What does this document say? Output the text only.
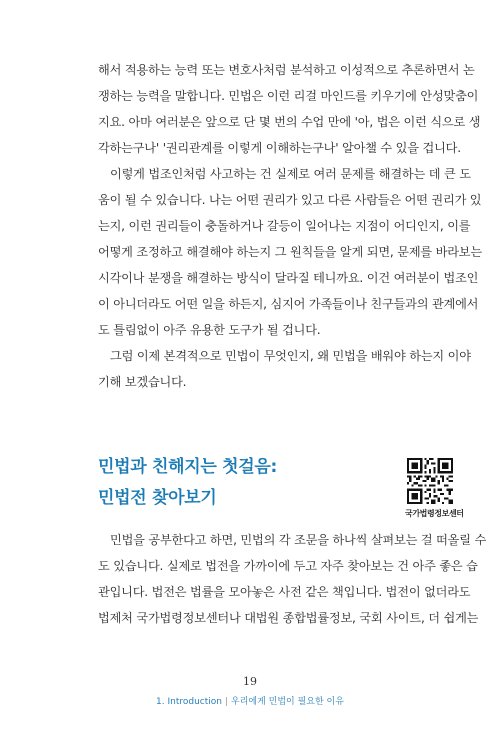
해서 적용하는 능력 또는 변호사처럼 분석하고 이성적으로 추론하면서 논
쟁하는 능력을 말합니다. 민법은 이런 리걸 마인드를 키우기에 안성맞춤이
지요. 아마 여러분은 앞으로 단 몇 번의 수업 만에 '아, 법은 이런 식으로 생
각하는구나' '권리관계를 이렇게 이해하는구나' 알아챌 수 있을 겁니다.
이렇게 법조인처럼 사고하는 건 실제로 여러 문제를 해결하는 데 큰 도
움이 될 수 있습니다. 나는 어떤 권리가 있고 다른 사람들은 어떤 권리가 있
는지, 이런 권리들이 충돌하거나 갈등이 일어나는 지점이 어디인지, 이를
어떻게 조정하고 해결해야 하는지 그 원칙들을 알게 되면, 문제를 바라보는
시각이나 분쟁을 해결하는 방식이 달라질 테니까요. 이건 여러분이 법조인
이 아니더라도 어떤 일을 하든지, 심지어 가족들이나 친구들과의 관계에서
도 틀림없이 아주 유용한 도구가 될 겁니다.
그럼 이제 본격적으로 민법이 무엇인지, 왜 민법을 배워야 하는지 이야
기해 보겠습니다.
민법과 친해지는 첫걸음:
민법전 찾아보기
국가법령정보센터
민법을 공부한다고 하면, 민법의 각 조문을 하나씩 살펴보는 걸 떠올릴 수
도 있습니다. 실제로 법전을 가까이에 두고 자주 찾아보는 건 아주 좋은 습
관입니다. 법전은 법률을 모아놓은 사전 같은 책입니다. 법전이 없더라도
법제처 국가법령정보센터나 대법원 종합법률정보, 국회 사이트, 더 쉽게는
19
1. Introduction | 우리에게 민법이 필요한 이유
